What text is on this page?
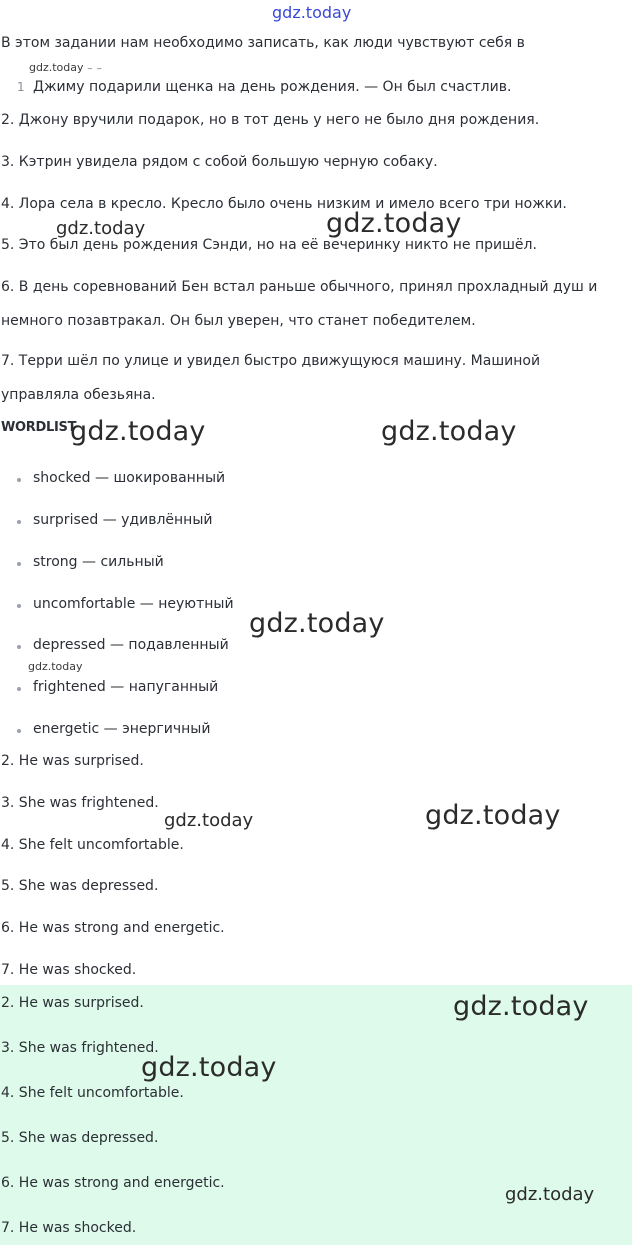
gdz.today
В этом задании нам необходимо записать, как люди чувствуют себя в
gdz.today ₋ ₋
1 Джиму подарили щенка на день рождения. — Он был счастлив.
2. Джону вручили подарок, но в тот день у него не было дня рождения.
3. Кэтрин увидела рядом с собой большую черную собаку.
4. Лора села в кресло. Кресло было очень низким и имело всего три ножки.
5. Это был день рождения Сэнди, но на её вечеринку никто не пришёл.
6. В день соревнований Бен встал раньше обычного, принял прохладный душ и
немного позавтракал. Он был уверен, что станет победителем.
7. Терри шёл по улице и увидел быстро движущуюся машину. Машиной
управляла обезьяна.
gdz.today	gdz.today
WORDLIST
gdz.today	gdz.today
shocked — шокированный
surprised — удивлённый
strong — сильный
uncomfortable — неуютный
depressed — подавленный
gdz.today
frightened — напуганный
energetic — энергичный
gdz.today
2. He was surprised.
3. She was frightened.
4. She felt uncomfortable.
5. She was depressed.
6. He was strong and energetic.
7. He was shocked.
gdz.today	gdz.today
2. He was surprised.
3. She was frightened.
4. She felt uncomfortable.
5. She was depressed.
6. He was strong and energetic.
7. He was shocked.
gdz.today
gdz.today
gdz.today
